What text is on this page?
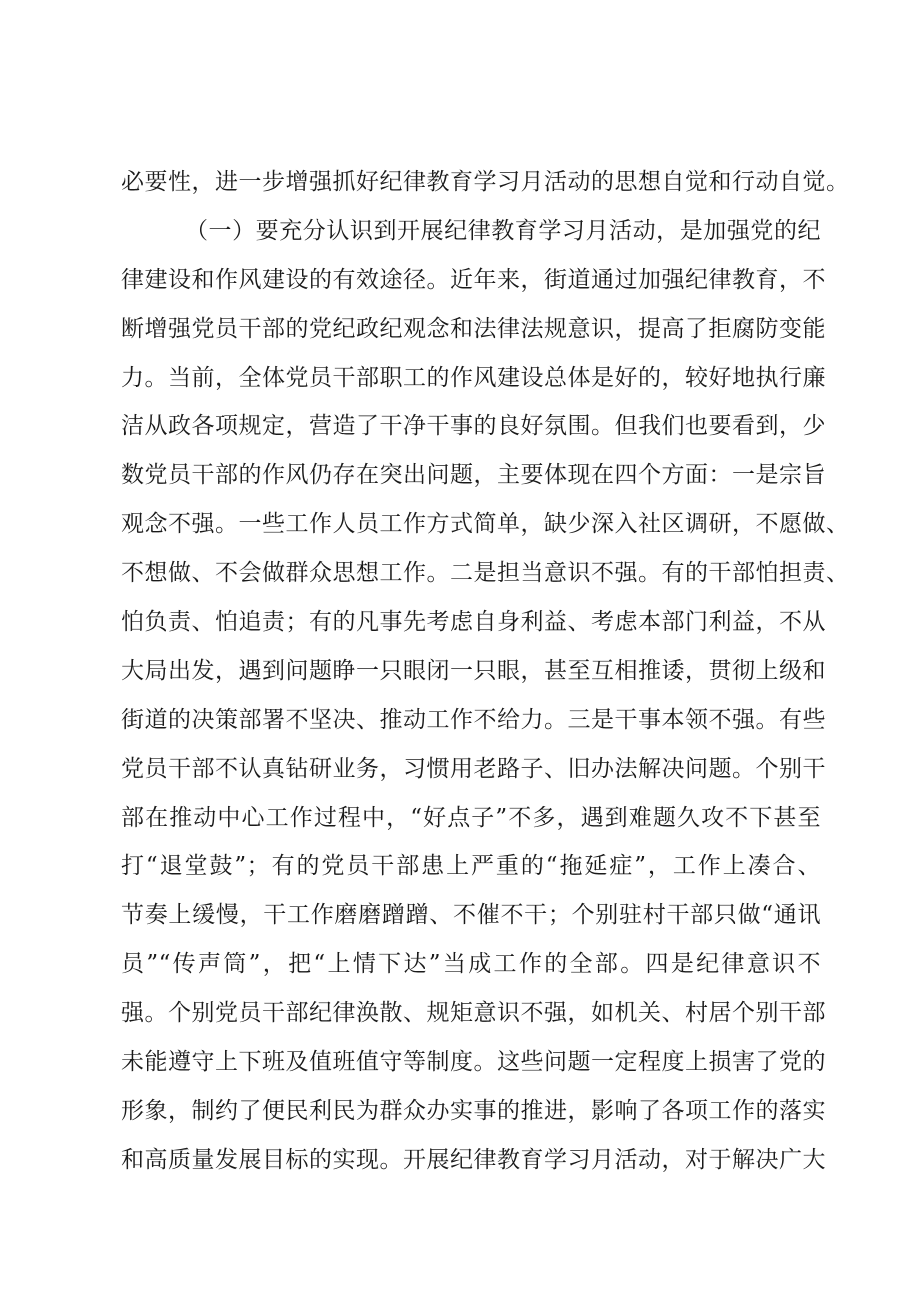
必要性，进一步增强抓好纪律教育学习月活动的思想自觉和行动自觉。
（一）要充分认识到开展纪律教育学习月活动，是加强党的纪
律建设和作风建设的有效途径。近年来，街道通过加强纪律教育，不
断增强党员干部的党纪政纪观念和法律法规意识，提高了拒腐防变能
力。当前，全体党员干部职工的作风建设总体是好的，较好地执行廉
洁从政各项规定，营造了干净干事的良好氛围。但我们也要看到，少
数党员干部的作风仍存在突出问题，主要体现在四个方面：一是宗旨
观念不强。一些工作人员工作方式简单，缺少深入社区调研，不愿做、
不想做、不会做群众思想工作。二是担当意识不强。有的干部怕担责、
怕负责、怕追责；有的凡事先考虑自身利益、考虑本部门利益，不从
大局出发，遇到问题睁一只眼闭一只眼，甚至互相推诿，贯彻上级和
街道的决策部署不坚决、推动工作不给力。三是干事本领不强。有些
党员干部不认真钻研业务，习惯用老路子、旧办法解决问题。个别干
部在推动中心工作过程中，“好点子”不多，遇到难题久攻不下甚至
打“退堂鼓”；有的党员干部患上严重的“拖延症”，工作上凑合、
节奏上缓慢，干工作磨磨蹭蹭、不催不干；个别驻村干部只做“通讯
员”“传声筒”，把“上情下达”当成工作的全部。四是纪律意识不
强。个别党员干部纪律涣散、规矩意识不强，如机关、村居个别干部
未能遵守上下班及值班值守等制度。这些问题一定程度上损害了党的
形象，制约了便民利民为群众办实事的推进，影响了各项工作的落实
和高质量发展目标的实现。开展纪律教育学习月活动，对于解决广大
